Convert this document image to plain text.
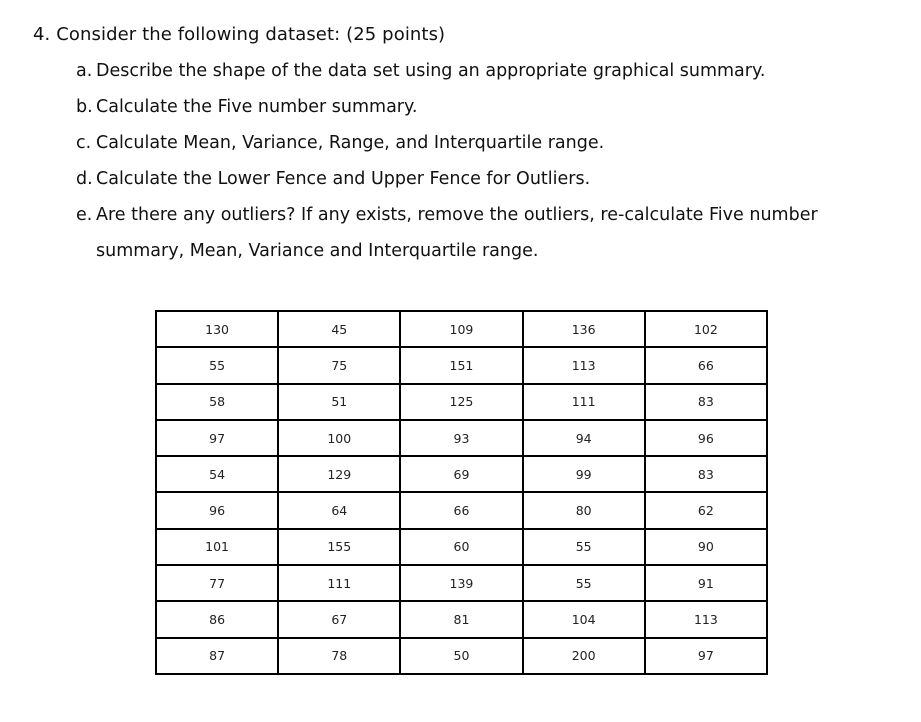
4. Consider the following dataset: (25 points)
a. Describe the shape of the data set using an appropriate graphical summary.
b. Calculate the Five number summary.
c. Calculate Mean, Variance, Range, and Interquartile range.
d. Calculate the Lower Fence and Upper Fence for Outliers.
e. Are there any outliers? If any exists, remove the outliers, re-calculate Five number
summary, Mean, Variance and Interquartile range.
130	45	109	136	102
55	75	151	113	66
58	51	125	111	83
97	100	93	94	96
54	129	69	99	83
96	64	66	80	62
101	155	60	55	90
77	111	139	55	91
86	67	81	104	113
87	78	50	200	97
